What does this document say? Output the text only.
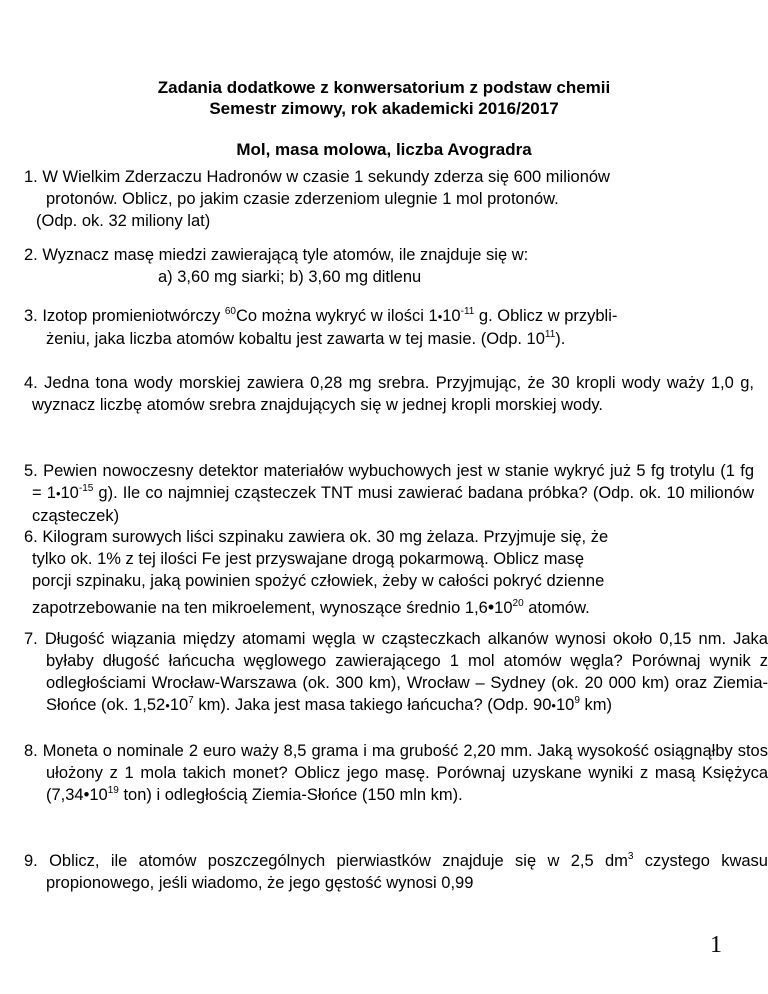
Zadania dodatkowe z konwersatorium z podstaw chemii
Semestr zimowy, rok akademicki 2016/2017
Mol, masa molowa, liczba Avogradra
1. W Wielkim Zderzaczu Hadronów w czasie 1 sekundy zderza się 600 milionów
protonów. Oblicz, po jakim czasie zderzeniom ulegnie 1 mol protonów.
(Odp. ok. 32 miliony lat)
2. Wyznacz masę miedzi zawierającą tyle atomów, ile znajduje się w:
a) 3,60 mg siarki; b) 3,60 mg ditlenu
3. Izotop promieniotwórczy $^{60}$Co można wykryć w ilości $1•10^{-11}$ g. Oblicz w przybli-
żeniu, jaka liczba atomów kobaltu jest zawarta w tej masie. (Odp. $10^{11}$).
4. Jedna tona wody morskiej zawiera 0,28 mg srebra. Przyjmując, że 30 kropli wody waży 1,0 g, wyznacz liczbę atomów srebra znajdujących się w jednej kropli morskiej wody.
5. Pewien nowoczesny detektor materiałów wybuchowych jest w stanie wykryć już 5 fg trotylu (1 fg = $1•10^{-15}$ g). Ile co najmniej cząsteczek TNT musi zawierać badana próbka? (Odp. ok. 10 milionów cząsteczek)
6. Kilogram surowych liści szpinaku zawiera ok. 30 mg żelaza. Przyjmuje się, że
tylko ok. 1% z tej ilości Fe jest przyswajane drogą pokarmową. Oblicz masę
porcji szpinaku, jaką powinien spożyć człowiek, żeby w całości pokryć dzienne
zapotrzebowanie na ten mikroelement, wynoszące średnio $1,6•10^{20}$ atomów.
7. Długość wiązania między atomami węgla w cząsteczkach alkanów wynosi około 0,15 nm. Jaka byłaby długość łańcucha węglowego zawierającego 1 mol atomów węgla? Porównaj wynik z odległościami Wrocław-Warszawa (ok. 300 km), Wrocław – Sydney (ok. 20 000 km) oraz Ziemia-Słońce (ok. $1,52•10^7$ km). Jaka jest masa takiego łańcucha? (Odp. $90•10^9$ km)
8. Moneta o nominale 2 euro waży 8,5 grama i ma grubość 2,20 mm. Jaką wysokość osiągnąłby stos ułożony z 1 mola takich monet? Oblicz jego masę. Porównaj uzyskane wyniki z masą Księżyca ($7,34•10^{19}$ ton) i odległością Ziemia-Słońce (150 mln km).
9. Oblicz, ile atomów poszczególnych pierwiastków znajduje się w 2,5 $dm^3$ czystego kwasu propionowego, jeśli wiadomo, że jego gęstość wynosi 0,99
1
